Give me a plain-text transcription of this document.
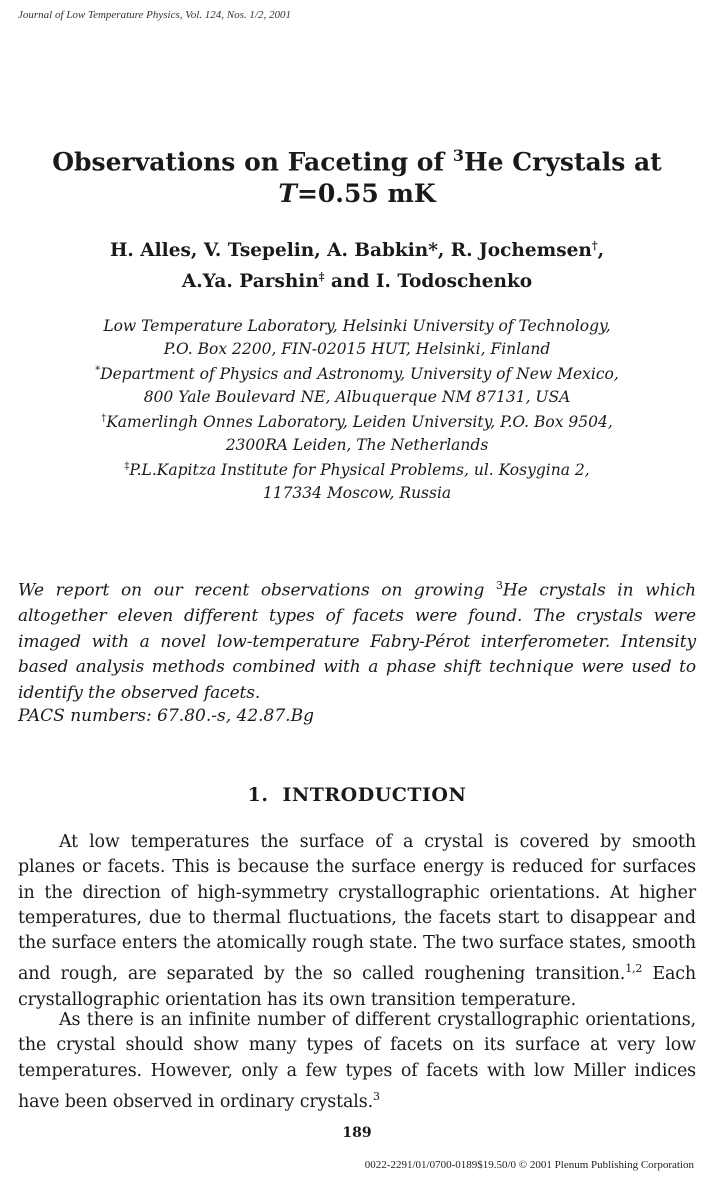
Journal of Low Temperature Physics, Vol. 124, Nos. 1/2, 2001
Observations on Faceting of $^3$He Crystals at
T=0.55 mK
H. Alles, V. Tsepelin, A. Babkin*, R. Jochemsen†,
A.Ya. Parshin‡ and I. Todoschenko
Low Temperature Laboratory, Helsinki University of Technology,
P.O. Box 2200, FIN-02015 HUT, Helsinki, Finland
*Department of Physics and Astronomy, University of New Mexico,
800 Yale Boulevard NE, Albuquerque NM 87131, USA
†Kamerlingh Onnes Laboratory, Leiden University, P.O. Box 9504,
2300RA Leiden, The Netherlands
‡P.L.Kapitza Institute for Physical Problems, ul. Kosygina 2,
117334 Moscow, Russia

We report on our recent observations on growing $^3$He crystals in which altogether eleven different types of facets were found. The crystals were imaged with a novel low-temperature Fabry-Pérot interferometer. Intensity based analysis methods combined with a phase shift technique were used to identify the observed facets.

PACS numbers: 67.80.-s, 42.87.Bg
1. INTRODUCTION

At low temperatures the surface of a crystal is covered by smooth planes or facets. This is because the surface energy is reduced for surfaces in the direction of high-symmetry crystallographic orientations. At higher temperatures, due to thermal fluctuations, the facets start to disappear and the surface enters the atomically rough state. The two surface states, smooth and rough, are separated by the so called roughening transition.$^{1,2}$ Each crystallographic orientation has its own transition temperature.

As there is an infinite number of different crystallographic orientations, the crystal should show many types of facets on its surface at very low temperatures. However, only a few types of facets with low Miller indices have been observed in ordinary crystals.$^3$

189
0022-2291/01/0700-0189$19.50/0 © 2001 Plenum Publishing Corporation
